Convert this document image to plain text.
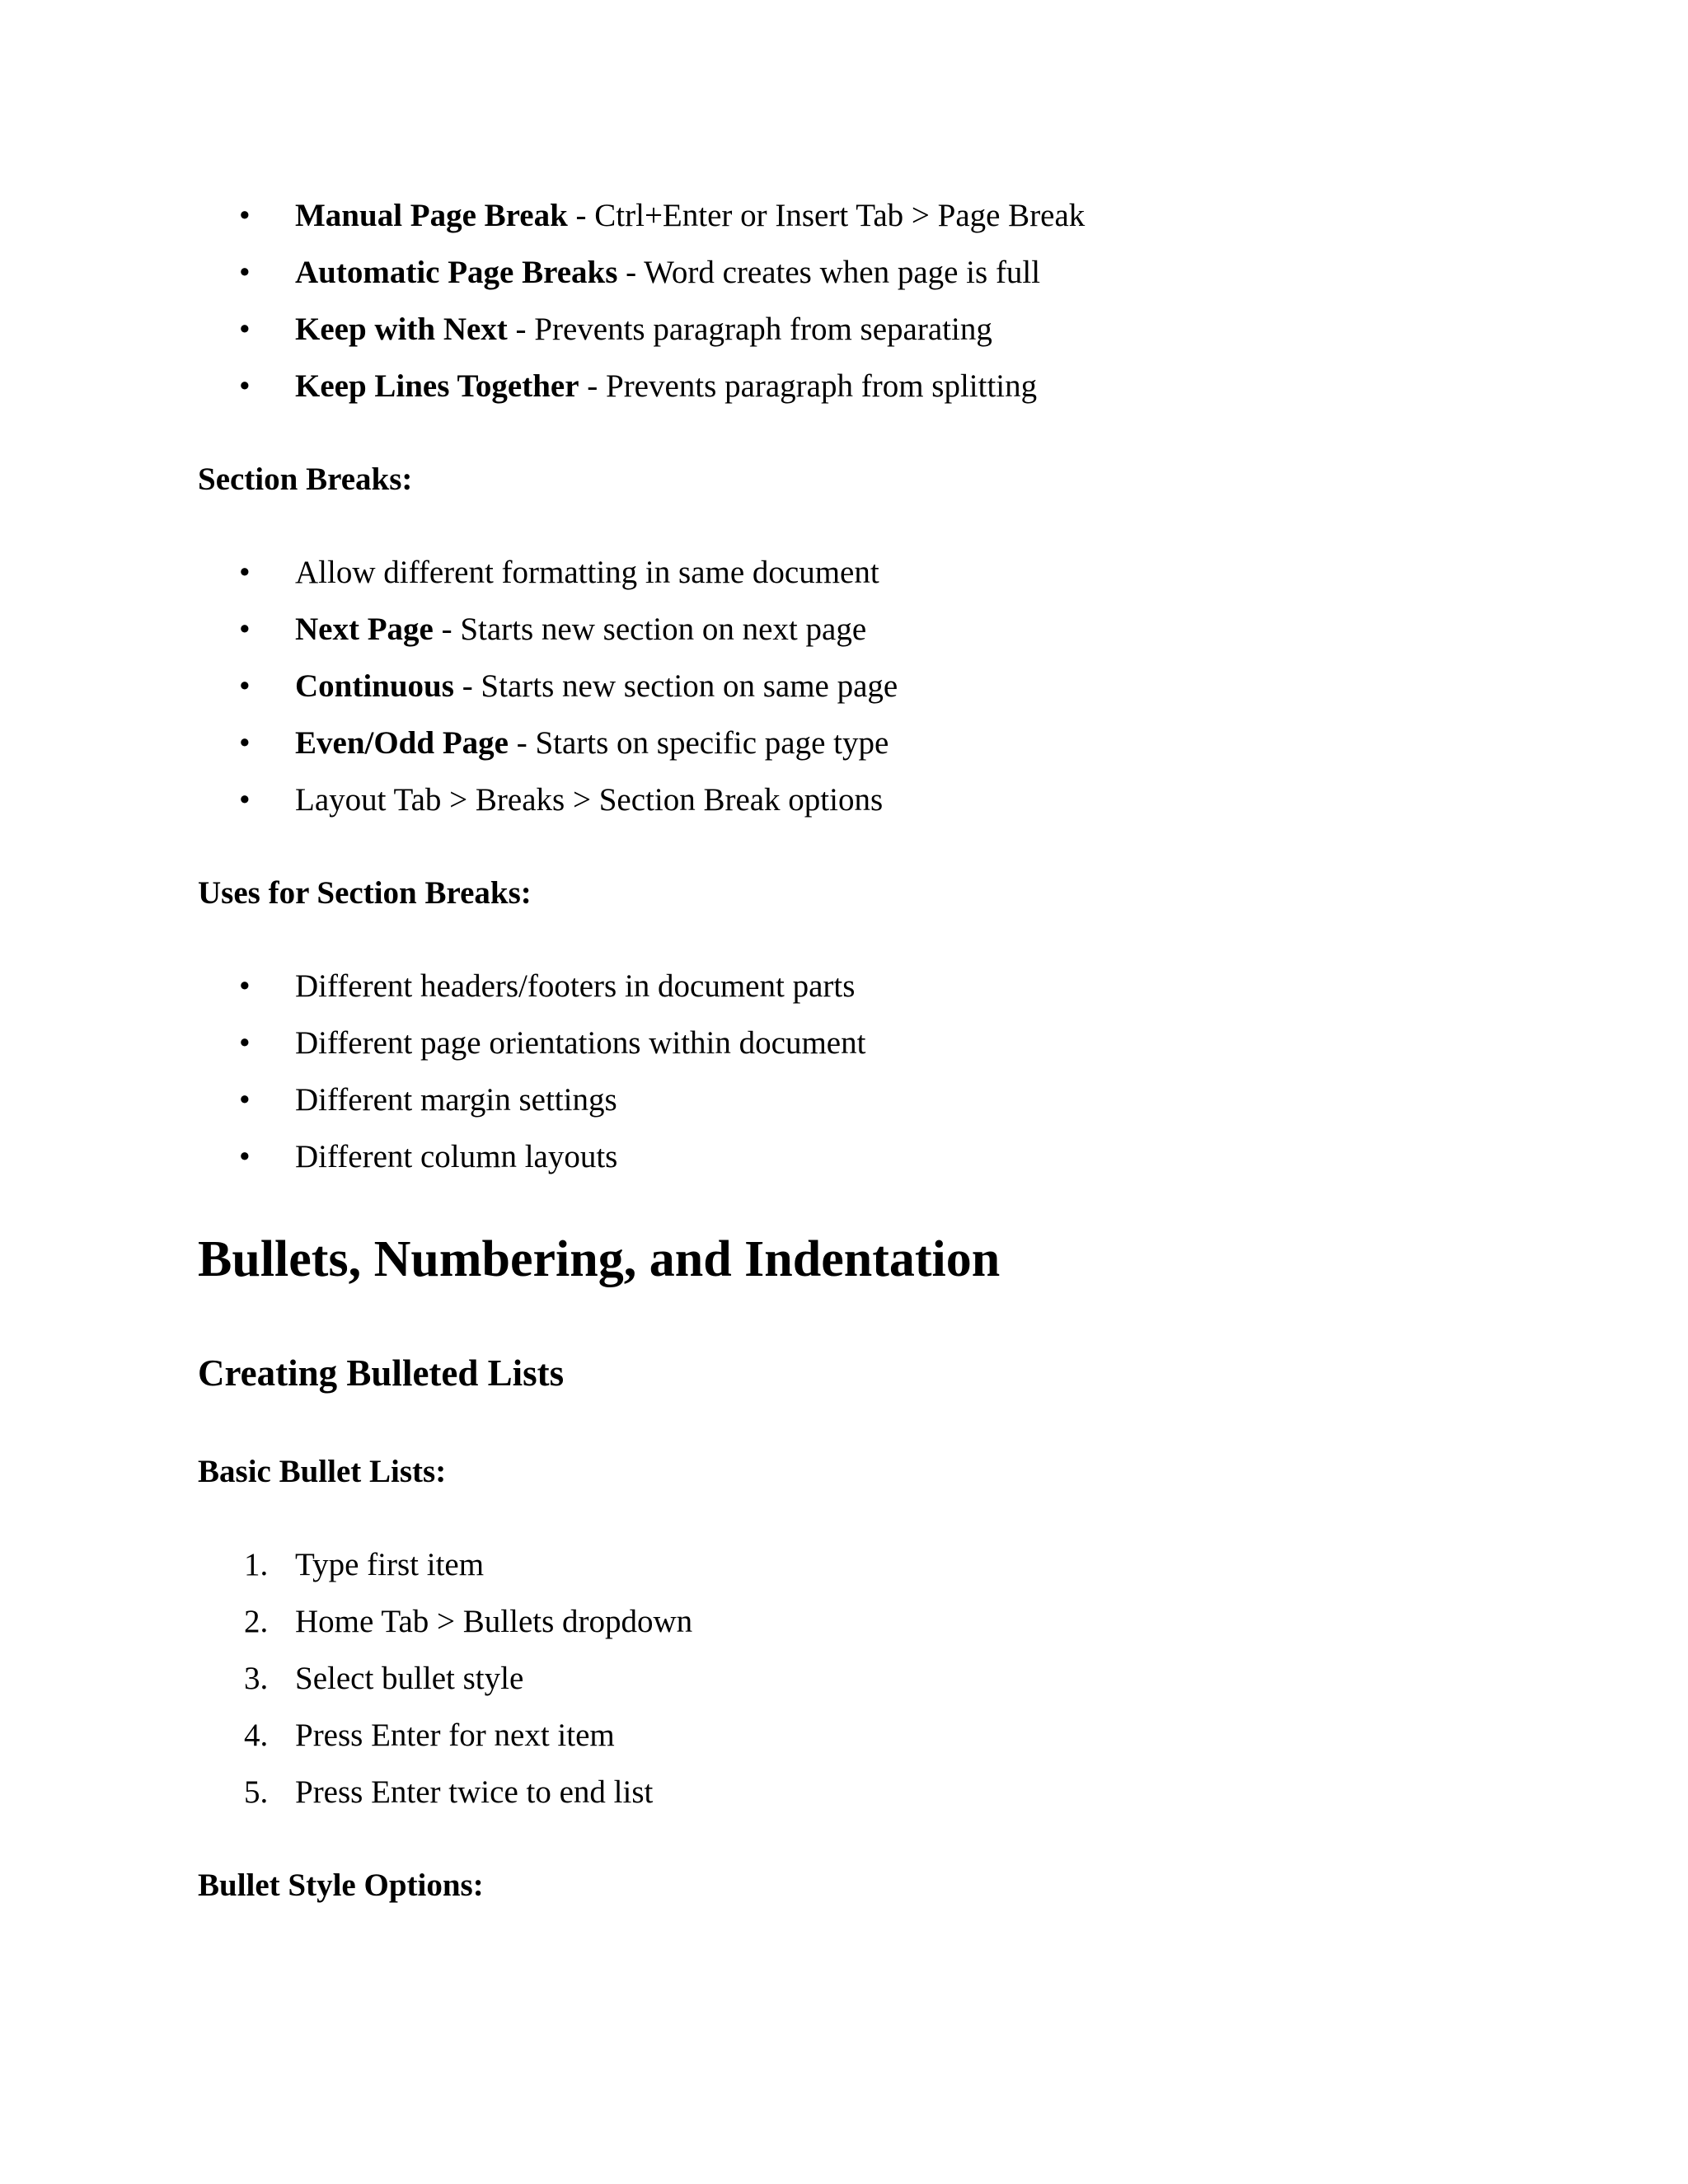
• Manual Page Break - Ctrl+Enter or Insert Tab > Page Break
• Automatic Page Breaks - Word creates when page is full
• Keep with Next - Prevents paragraph from separating
• Keep Lines Together - Prevents paragraph from splitting

Section Breaks:

• Allow different formatting in same document
• Next Page - Starts new section on next page
• Continuous - Starts new section on same page
• Even/Odd Page - Starts on specific page type
• Layout Tab > Breaks > Section Break options

Uses for Section Breaks:

• Different headers/footers in document parts
• Different page orientations within document
• Different margin settings
• Different column layouts
Bullets, Numbering, and Indentation
Creating Bulleted Lists

Basic Bullet Lists:

1. Type first item
2. Home Tab > Bullets dropdown
3. Select bullet style
4. Press Enter for next item
5. Press Enter twice to end list

Bullet Style Options:
